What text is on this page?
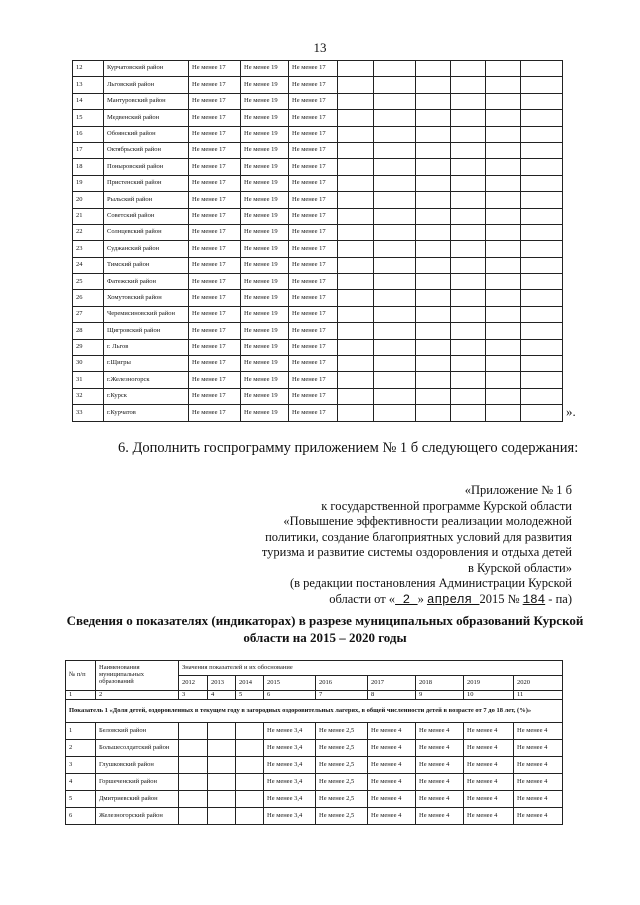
13
12	Курчатовский район	Не менее 17	Не менее 19	Не менее 17						
13	Льговский район	Не менее 17	Не менее 19	Не менее 17						
14	Мантуровский район	Не менее 17	Не менее 19	Не менее 17						
15	Медвенский район	Не менее 17	Не менее 19	Не менее 17						
16	Обоянский район	Не менее 17	Не менее 19	Не менее 17						
17	Октябрьский район	Не менее 17	Не менее 19	Не менее 17						
18	Поныровский район	Не менее 17	Не менее 19	Не менее 17						
19	Пристенский район	Не менее 17	Не менее 19	Не менее 17						
20	Рыльский район	Не менее 17	Не менее 19	Не менее 17						
21	Советский район	Не менее 17	Не менее 19	Не менее 17						
22	Солнцевский район	Не менее 17	Не менее 19	Не менее 17						
23	Суджанский район	Не менее 17	Не менее 19	Не менее 17						
24	Тимский район	Не менее 17	Не менее 19	Не менее 17						
25	Фатежский район	Не менее 17	Не менее 19	Не менее 17						
26	Хомутовский район	Не менее 17	Не менее 19	Не менее 17						
27	Черемисиновский район	Не менее 17	Не менее 19	Не менее 17						
28	Щигровский район	Не менее 17	Не менее 19	Не менее 17						
29	г. Льгов	Не менее 17	Не менее 19	Не менее 17						
30	г.Щигры	Не менее 17	Не менее 19	Не менее 17						
31	г.Железногорск	Не менее 17	Не менее 19	Не менее 17						
32	г.Курск	Не менее 17	Не менее 19	Не менее 17						
33	г.Курчатов	Не менее 17	Не менее 19	Не менее 17							».
6. Дополнить госпрограмму приложением № 1 б следующего содержания:
«Приложение № 1 б
к государственной программе Курской области
«Повышение эффективности реализации молодежной
политики, создание благоприятных условий для развития
туризма и развитие системы оздоровления и отдыха детей
в Курской области»
(в редакции постановления Администрации Курской
области от « 2 » апреля 2015 № 184 - па)
Сведения о показателях (индикаторах) в разрезе муниципальных образований Курской области на 2015 – 2020 годы
№ п/п	Наименования муниципальных образований	Значения показателей и их обоснование								
		2012	2013	2014	2015	2016	2017	2018	2019	2020
1	2	3	4	5	6	7	8	9	10	11
Показатель 1 «Доля детей, оздоровленных в текущем году в загородных оздоровительных лагерях, в общей численности детей в возрасте от 7 до 18 лет, (%)»										
1	Беловский район				Не менее 3,4	Не менее 2,5	Не менее 4	Не менее 4	Не менее 4	Не менее 4
2	Большесолдатский район				Не менее 3,4	Не менее 2,5	Не менее 4	Не менее 4	Не менее 4	Не менее 4
3	Глушковский район				Не менее 3,4	Не менее 2,5	Не менее 4	Не менее 4	Не менее 4	Не менее 4
4	Горшеченский район				Не менее 3,4	Не менее 2,5	Не менее 4	Не менее 4	Не менее 4	Не менее 4
5	Дмитриевский район				Не менее 3,4	Не менее 2,5	Не менее 4	Не менее 4	Не менее 4	Не менее 4
6	Железногорский район				Не менее 3,4	Не менее 2,5	Не менее 4	Не менее 4	Не менее 4	Не менее 4
